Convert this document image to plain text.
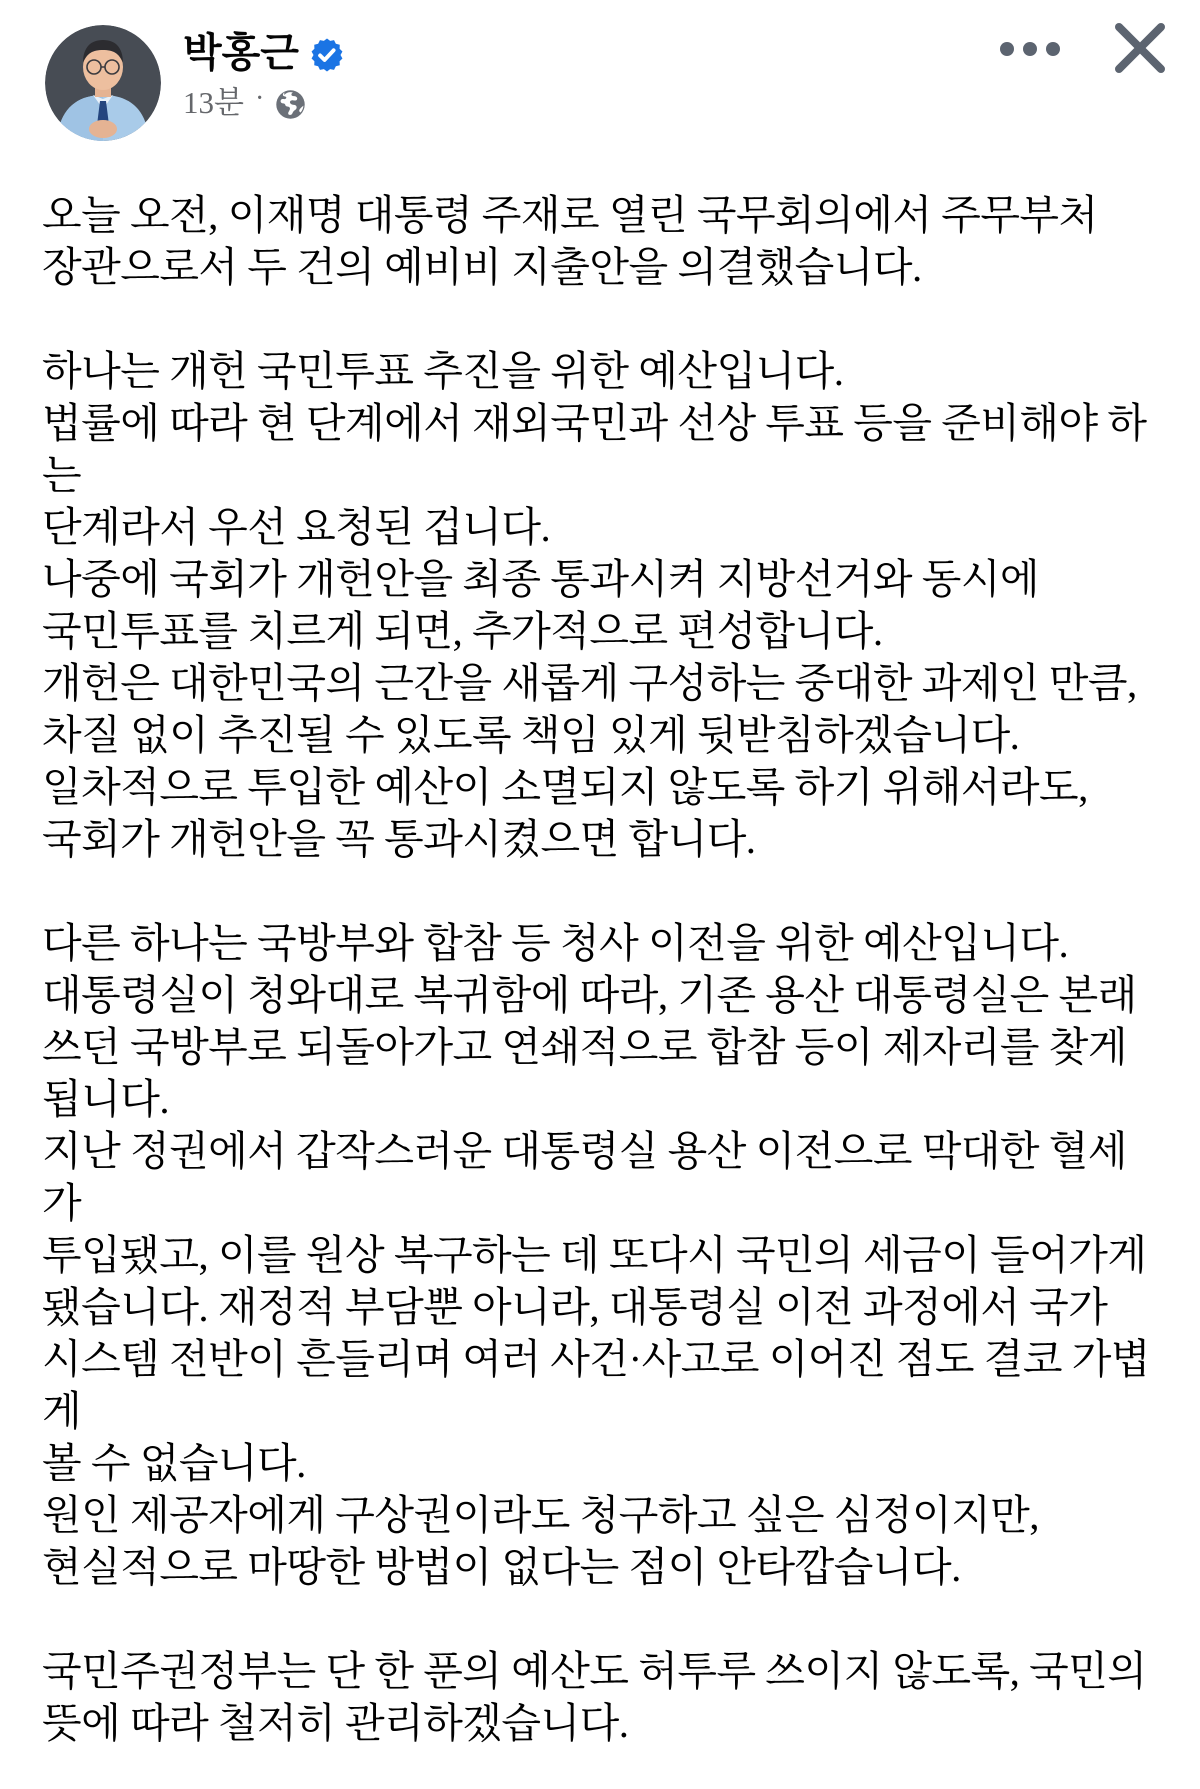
박홍근
13분 ·

오늘 오전, 이재명 대통령 주재로 열린 국무회의에서 주무부처
장관으로서 두 건의 예비비 지출안을 의결했습니다.

하나는 개헌 국민투표 추진을 위한 예산입니다.
법률에 따라 현 단계에서 재외국민과 선상 투표 등을 준비해야 하는
단계라서 우선 요청된 겁니다.
나중에 국회가 개헌안을 최종 통과시켜 지방선거와 동시에
국민투표를 치르게 되면, 추가적으로 편성합니다.
개헌은 대한민국의 근간을 새롭게 구성하는 중대한 과제인 만큼,
차질 없이 추진될 수 있도록 책임 있게 뒷받침하겠습니다.
일차적으로 투입한 예산이 소멸되지 않도록 하기 위해서라도,
국회가 개헌안을 꼭 통과시켰으면 합니다.

다른 하나는 국방부와 합참 등 청사 이전을 위한 예산입니다.
대통령실이 청와대로 복귀함에 따라, 기존 용산 대통령실은 본래
쓰던 국방부로 되돌아가고 연쇄적으로 합참 등이 제자리를 찾게
됩니다.
지난 정권에서 갑작스러운 대통령실 용산 이전으로 막대한 혈세가
투입됐고, 이를 원상 복구하는 데 또다시 국민의 세금이 들어가게
됐습니다. 재정적 부담뿐 아니라, 대통령실 이전 과정에서 국가
시스템 전반이 흔들리며 여러 사건·사고로 이어진 점도 결코 가볍게
볼 수 없습니다.
원인 제공자에게 구상권이라도 청구하고 싶은 심정이지만,
현실적으로 마땅한 방법이 없다는 점이 안타깝습니다.

국민주권정부는 단 한 푼의 예산도 허투루 쓰이지 않도록, 국민의
뜻에 따라 철저히 관리하겠습니다.
